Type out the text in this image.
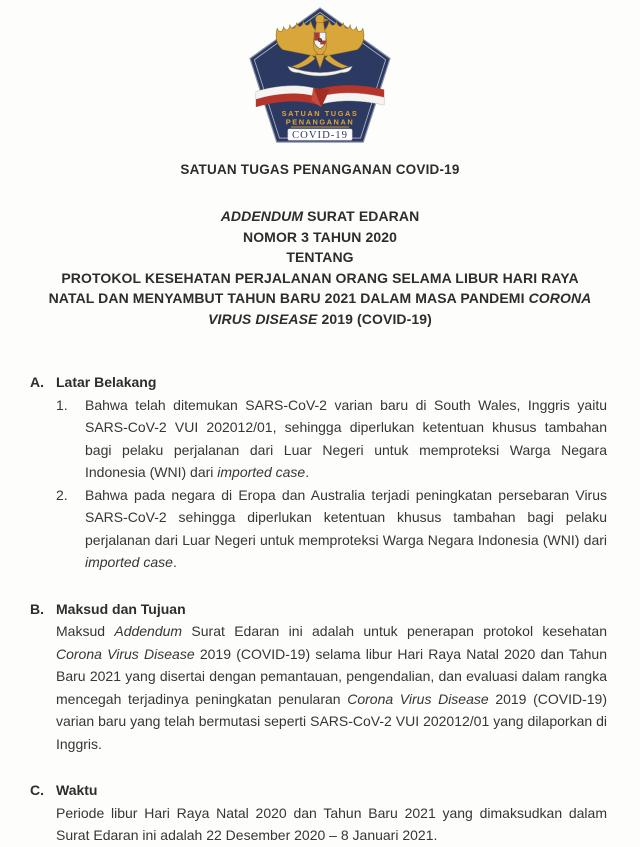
SATUAN TUGAS
PENANGANAN
COVID-19
SATUAN TUGAS PENANGANAN COVID-19
ADDENDUM SURAT EDARAN
NOMOR 3 TAHUN 2020
TENTANG
PROTOKOL KESEHATAN PERJALANAN ORANG SELAMA LIBUR HARI RAYA
NATAL DAN MENYAMBUT TAHUN BARU 2021 DALAM MASA PANDEMI CORONA
VIRUS DISEASE 2019 (COVID-19)
A. Latar Belakang
1.	Bahwa telah ditemukan SARS-CoV-2 varian baru di South Wales, Inggris yaitu SARS-CoV-2 VUI 202012/01, sehingga diperlukan ketentuan khusus tambahan bagi pelaku perjalanan dari Luar Negeri untuk memproteksi Warga Negara Indonesia (WNI) dari imported case.
2.	Bahwa pada negara di Eropa dan Australia terjadi peningkatan persebaran Virus SARS-CoV-2 sehingga diperlukan ketentuan khusus tambahan bagi pelaku perjalanan dari Luar Negeri untuk memproteksi Warga Negara Indonesia (WNI) dari imported case.
B. Maksud dan Tujuan
Maksud Addendum Surat Edaran ini adalah untuk penerapan protokol kesehatan Corona Virus Disease 2019 (COVID-19) selama libur Hari Raya Natal 2020 dan Tahun Baru 2021 yang disertai dengan pemantauan, pengendalian, dan evaluasi dalam rangka mencegah terjadinya peningkatan penularan Corona Virus Disease 2019 (COVID-19) varian baru yang telah bermutasi seperti SARS-CoV-2 VUI 202012/01 yang dilaporkan di Inggris.
C. Waktu
Periode libur Hari Raya Natal 2020 dan Tahun Baru 2021 yang dimaksudkan dalam Surat Edaran ini adalah 22 Desember 2020 – 8 Januari 2021.
